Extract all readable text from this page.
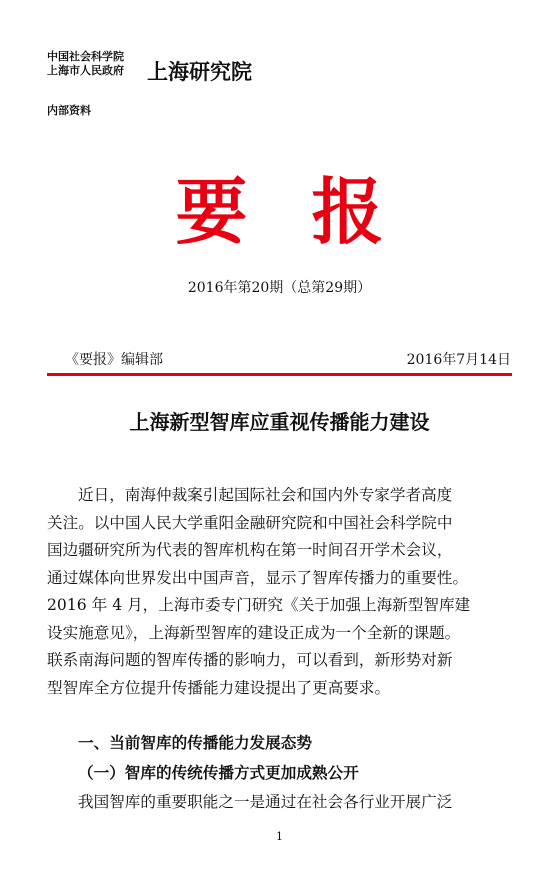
中国社会科学院
上海市人民政府 上海研究院
内部资料
要报
2016年第20期（总第29期）
《要报》编辑部	2016年7月14日
上海新型智库应重视传播能力建设
近日，南海仲裁案引起国际社会和国内外专家学者高度
关注。以中国人民大学重阳金融研究院和中国社会科学院中
国边疆研究所为代表的智库机构在第一时间召开学术会议，
通过媒体向世界发出中国声音，显示了智库传播力的重要性。
2016 年 4 月，上海市委专门研究《关于加强上海新型智库建
设实施意见》，上海新型智库的建设正成为一个全新的课题。
联系南海问题的智库传播的影响力，可以看到，新形势对新
型智库全方位提升传播能力建设提出了更高要求。
一、当前智库的传播能力发展态势
（一）智库的传统传播方式更加成熟公开
我国智库的重要职能之一是通过在社会各行业开展广泛
1
